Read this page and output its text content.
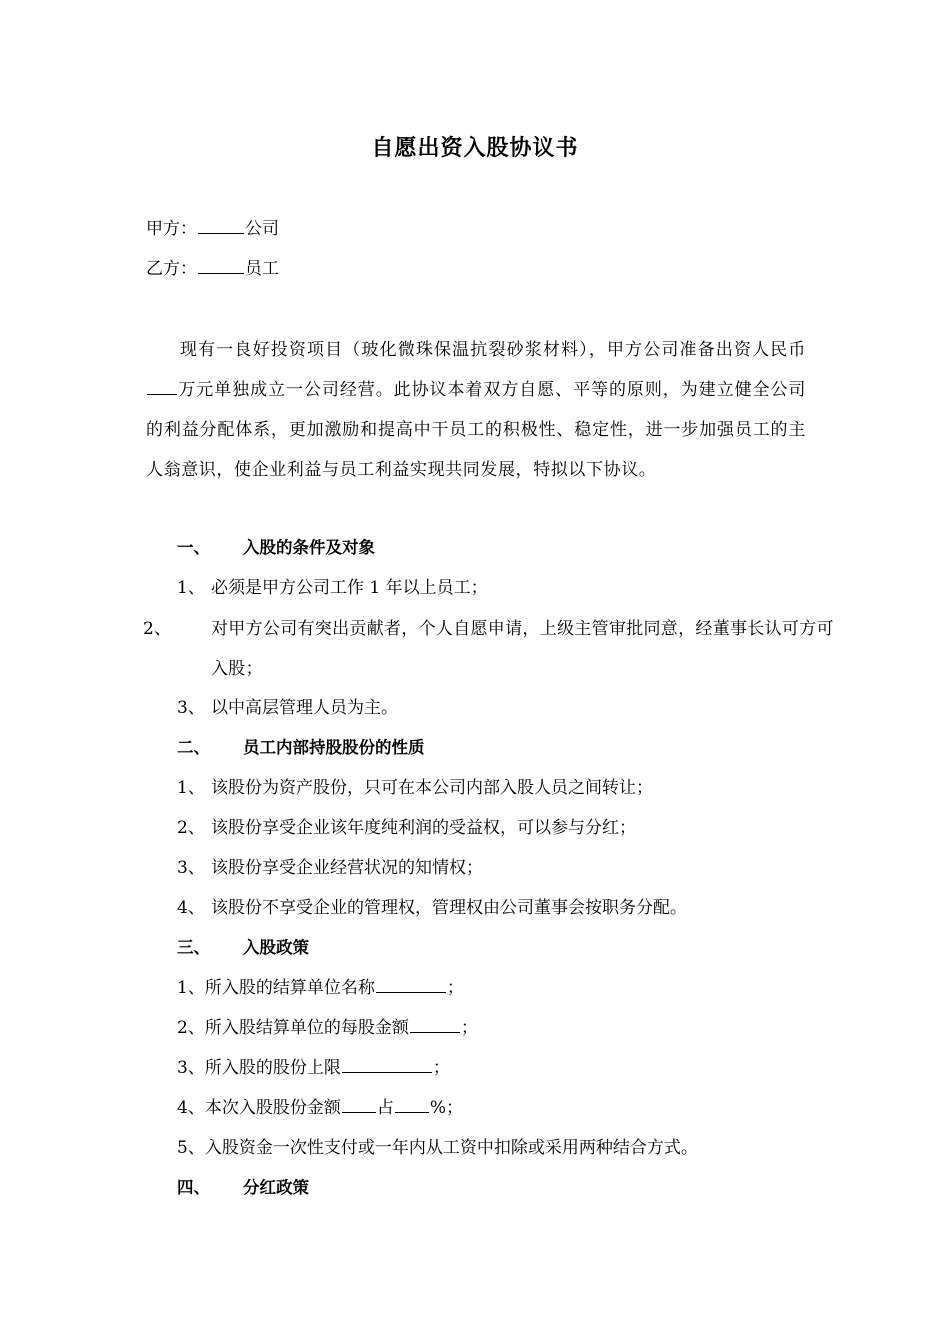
自愿出资入股协议书
甲方：	公司
乙方：	员工
现有一良好投资项目（玻化微珠保温抗裂砂浆材料），甲方公司准备出资人民币万元单独成立一公司经营。此协议本着双方自愿、平等的原则，为建立健全公司的利益分配体系，更加激励和提高中干员工的积极性、稳定性，进一步加强员工的主人翁意识，使企业利益与员工利益实现共同发展，特拟以下协议。
一、 入股的条件及对象
1、 必须是甲方公司工作 1 年以上员工；
2、 对甲方公司有突出贡献者，个人自愿申请，上级主管审批同意，经董事长认可方可入股；
3、 以中高层管理人员为主。
二、 员工内部持股股份的性质
1、 该股份为资产股份，只可在本公司内部入股人员之间转让；
2、 该股份享受企业该年度纯利润的受益权，可以参与分红；
3、 该股份享受企业经营状况的知情权；
4、 该股份不享受企业的管理权，管理权由公司董事会按职务分配。
三、 入股政策
1、所入股的结算单位名称	；
2、所入股结算单位的每股金额	；
3、所入股的股份上限	；
4、本次入股股份金额 占 %；
5、入股资金一次性支付或一年内从工资中扣除或采用两种结合方式。
四、 分红政策
